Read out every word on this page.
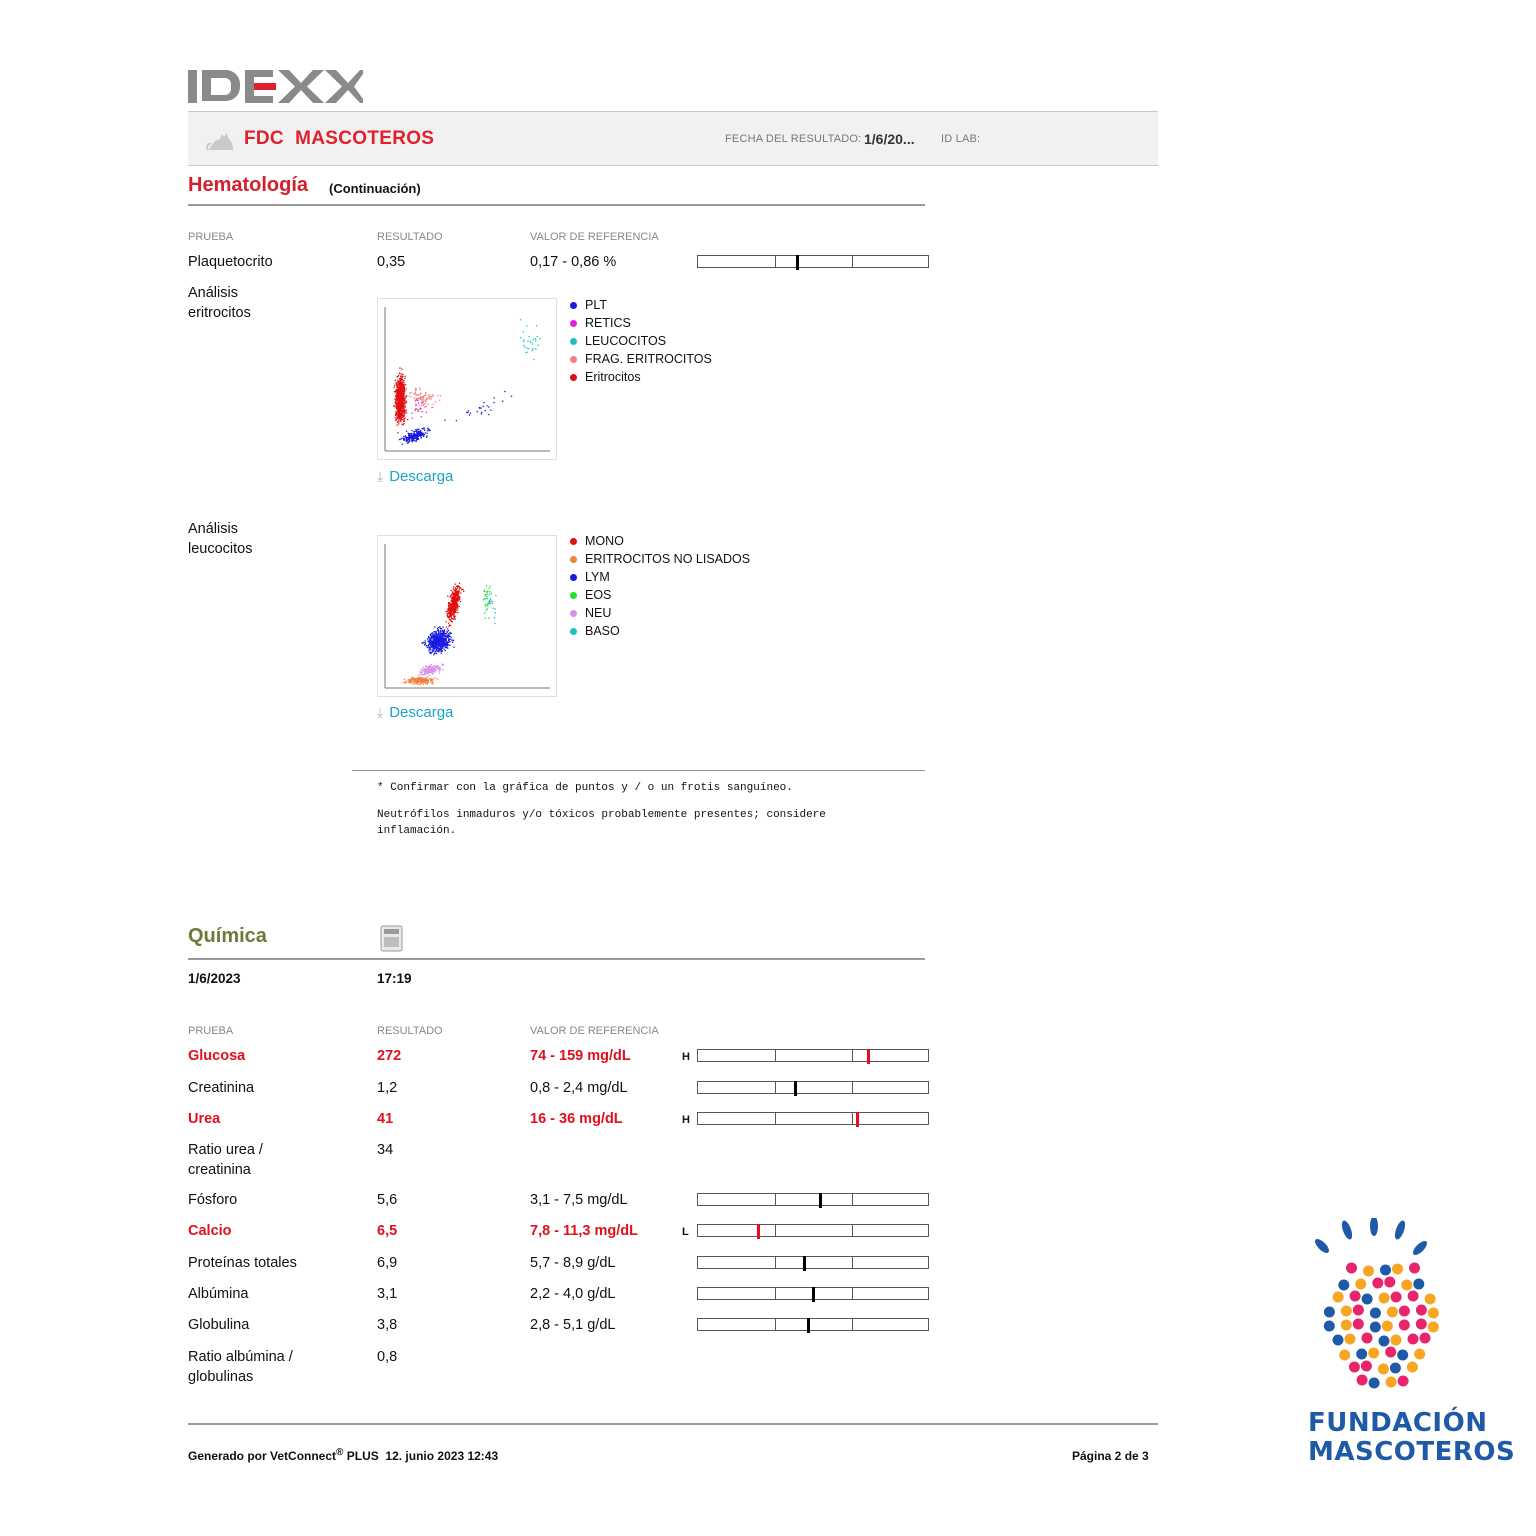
FDC  MASCOTEROS	FECHA DEL RESULTADO: 1/6/20... ID LAB:
Hematología (Continuación)
PRUEBA	RESULTADO	VALOR DE REFERENCIA
Plaquetocrito	0,35	0,17 - 0,86 %
Análisis
eritrocitos	PLT
RETICS
LEUCOCITOS
FRAG. ERITROCITOS
Eritrocitos
⤓ Descarga
Análisis
leucocitos	MONO
ERITROCITOS NO LISADOS
LYM
EOS
NEU
BASO
⤓ Descarga
* Confirmar con la gráfica de puntos y / o un frotis sanguíneo.
Neutrófilos inmaduros y/o tóxicos probablemente presentes; considere
inflamación.
Química
1/6/2023	17:19
PRUEBA	RESULTADO	VALOR DE REFERENCIA
Glucosa	272	74 - 159 mg/dL	H
Creatinina	1,2	0,8 - 2,4 mg/dL
Urea	41	16 - 36 mg/dL	H
Ratio urea /
creatinina
34
Fósforo	5,6	3,1 - 7,5 mg/dL
Calcio	6,5	7,8 - 11,3 mg/dL	L
Proteínas totales	6,9	5,7 - 8,9 g/dL
Albúmina	3,1	2,2 - 4,0 g/dL
Globulina	3,8	2,8 - 5,1 g/dL
Ratio albúmina /
globulinas
0,8
Generado por VetConnect® PLUS  12. junio 2023 12:43	Página 2 de 3
FUNDACIÓN
MASCOTEROS
